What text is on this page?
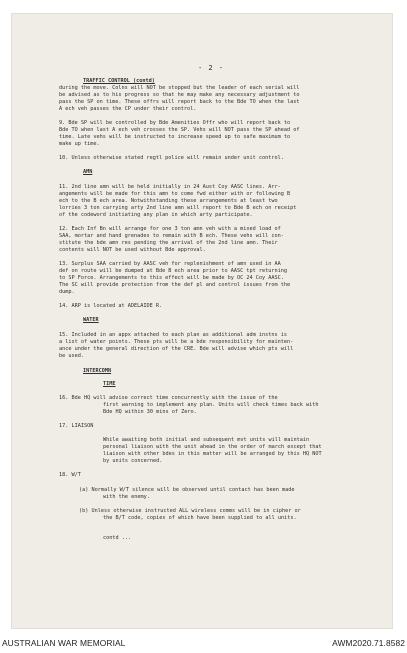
- 2 -
TRAFFIC CONTROL (contd)
during the move. Colns will NOT be stopped but the leader of each serial will
be advised as to his progress so that he may make any necessary adjustment to
pass the SP on time. These offrs will report back to the Bde TO when the last
A ech veh passes the CP under their control.
9. Bde SP will be controlled by Bde Amenities Offr who will report back to
Bde TO when last A ech veh crosses the SP. Vehs will NOT pass the SP ahead of
time. Late vehs will be instructed to increase speed up to safe maximum to
make up time.
10. Unless otherwise stated regtl police will remain under unit control.
AMN
11. 2nd line amn will be held initially in 24 Aust Coy AASC lines. Arr-
angements will be made for this amn to come fwd either with or following B
ech to the B ech area. Notwithstanding these arrangements at least two
lorries 3 ton carrying arty 2nd line amn will report to Bde B ech on receipt
of the codeword initiating any plan in which arty participate.
12. Each Inf Bn will arrange for one 3 ton amn veh with a mixed load of
SAA, mortar and hand grenades to remain with B ech. These vehs will con-
stitute the bde amn res pending the arrival of the 2nd line amn. Their
contents will NOT be used without Bde approval.
13. Surplus SAA carried by AASC veh for replenishment of amn used in AA
def on route will be dumped at Bde B ech area prior to AASC tpt returning
to SP Force. Arrangements to this effect will be made by OC 24 Coy AASC.
The SC will provide protection from the def pl and control issues from the
dump.
14. ARP is located at ADELAIDE R.
WATER
15. Included in an appx attached to each plan as additional adm instns is
a list of water points. These pts will be a bde responsibility for mainten-
ance under the general direction of the CRE. Bde will advise which pts will
be used.
INTERCOMN
TIME
16. Bde HQ will advise correct time concurrently with the issue of the
first warning to implement any plan. Units will check times back with
Bde HQ within 30 mins of Zero.
17. LIAISON
While awaiting both initial and subsequent mvt units will maintain
personal liaison with the unit ahead in the order of march except that
liaison with other bdes in this matter will be arranged by this HQ NOT
by units concerned.
18. W/T
(a) Normally W/T silence will be observed until contact has been made
with the enemy.
(b) Unless otherwise instructed ALL wireless comms will be in cipher or
the B/T code, copies of which have been supplied to all units.
contd ...
AUSTRALIAN WAR MEMORIAL	AWM2020.71.8582
